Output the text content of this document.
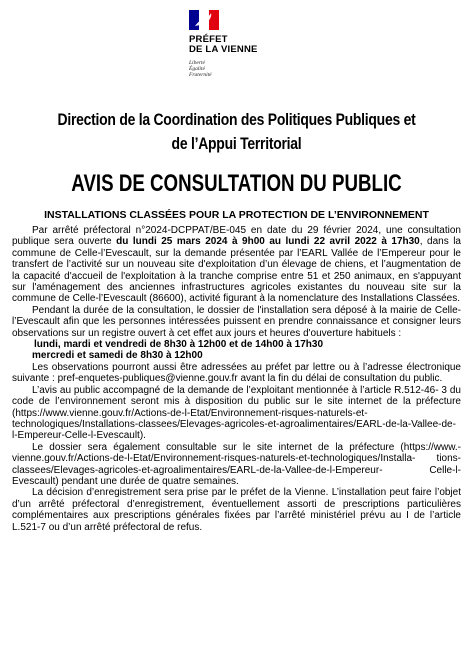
PRÉFET
DE LA VIENNE
Liberté
Égalité
Fraternité
Direction de la Coordination des Politiques Publiques et de l’Appui Territorial
AVIS DE CONSULTATION DU PUBLIC
INSTALLATIONS CLASSÉES POUR LA PROTECTION DE L’ENVIRONNEMENT

Par arrêté préfectoral n°2024-DCPPAT/BE-045 en date du 29 février 2024, une consultation publique sera ouverte du lundi 25 mars 2024 à 9h00 au lundi 22 avril 2022 à 17h30, dans la commune de Celle-l’Evescault, sur la demande présentée par l’EARL Vallée de l’Empereur pour le transfert de l’activité sur un nouveau site d'exploitation d’un élevage de chiens, et l’augmentation de la capacité d'accueil de l'exploitation à la tranche comprise entre 51 et 250 animaux, en s'appuyant sur l'aménagement des anciennes infrastructures agricoles existantes du nouveau site sur la commune de Celle-l’Evescault (86600), activité figurant à la nomenclature des Installations Classées.

Pendant la durée de la consultation, le dossier de l'installation sera déposé à la mairie de Celle-l’Evescault afin que les personnes intéressées puissent en prendre connaissance et consigner leurs observations sur un registre ouvert à cet effet aux jours et heures d'ouverture habituels :

lundi, mardi et vendredi de 8h30 à 12h00 et de 14h00 à 17h30
mercredi et samedi de 8h30 à 12h00

Les observations pourront aussi être adressées au préfet par lettre ou à l’adresse électronique suivante : pref-enquetes-publiques@vienne.gouv.fr avant la fin du délai de consultation du public.

L’avis au public accompagné de la demande de l’exploitant mentionnée à l’article R.512-46- 3 du code de l’environnement seront mis à disposition du public sur le site internet de la préfecture (https://www.vienne.gouv.fr/Actions-de-l-Etat/Environnement-risques-naturels-et-technologiques/Installations-classees/Elevages-agricoles-et-agroalimentaires/EARL-de-la-Vallee-de-l-Empereur-Celle-l-Evescault).

Le dossier sera également consultable sur le site internet de la préfecture (https://www.- vienne.gouv.fr/Actions-de-l-Etat/Environnement-risques-naturels-et-technologiques/Installa- tions-classees/Elevages-agricoles-et-agroalimentaires/EARL-de-la-Vallee-de-l-Empereur- Celle-l-Evescault) pendant une durée de quatre semaines.

La décision d’enregistrement sera prise par le préfet de la Vienne. L’installation peut faire l’objet d’un arrêté préfectoral d’enregistrement, éventuellement assorti de prescriptions particulières complémentaires aux prescriptions générales fixées par l’arrêté ministériel prévu au I de l’article L.521-7 ou d’un arrêté préfectoral de refus.
